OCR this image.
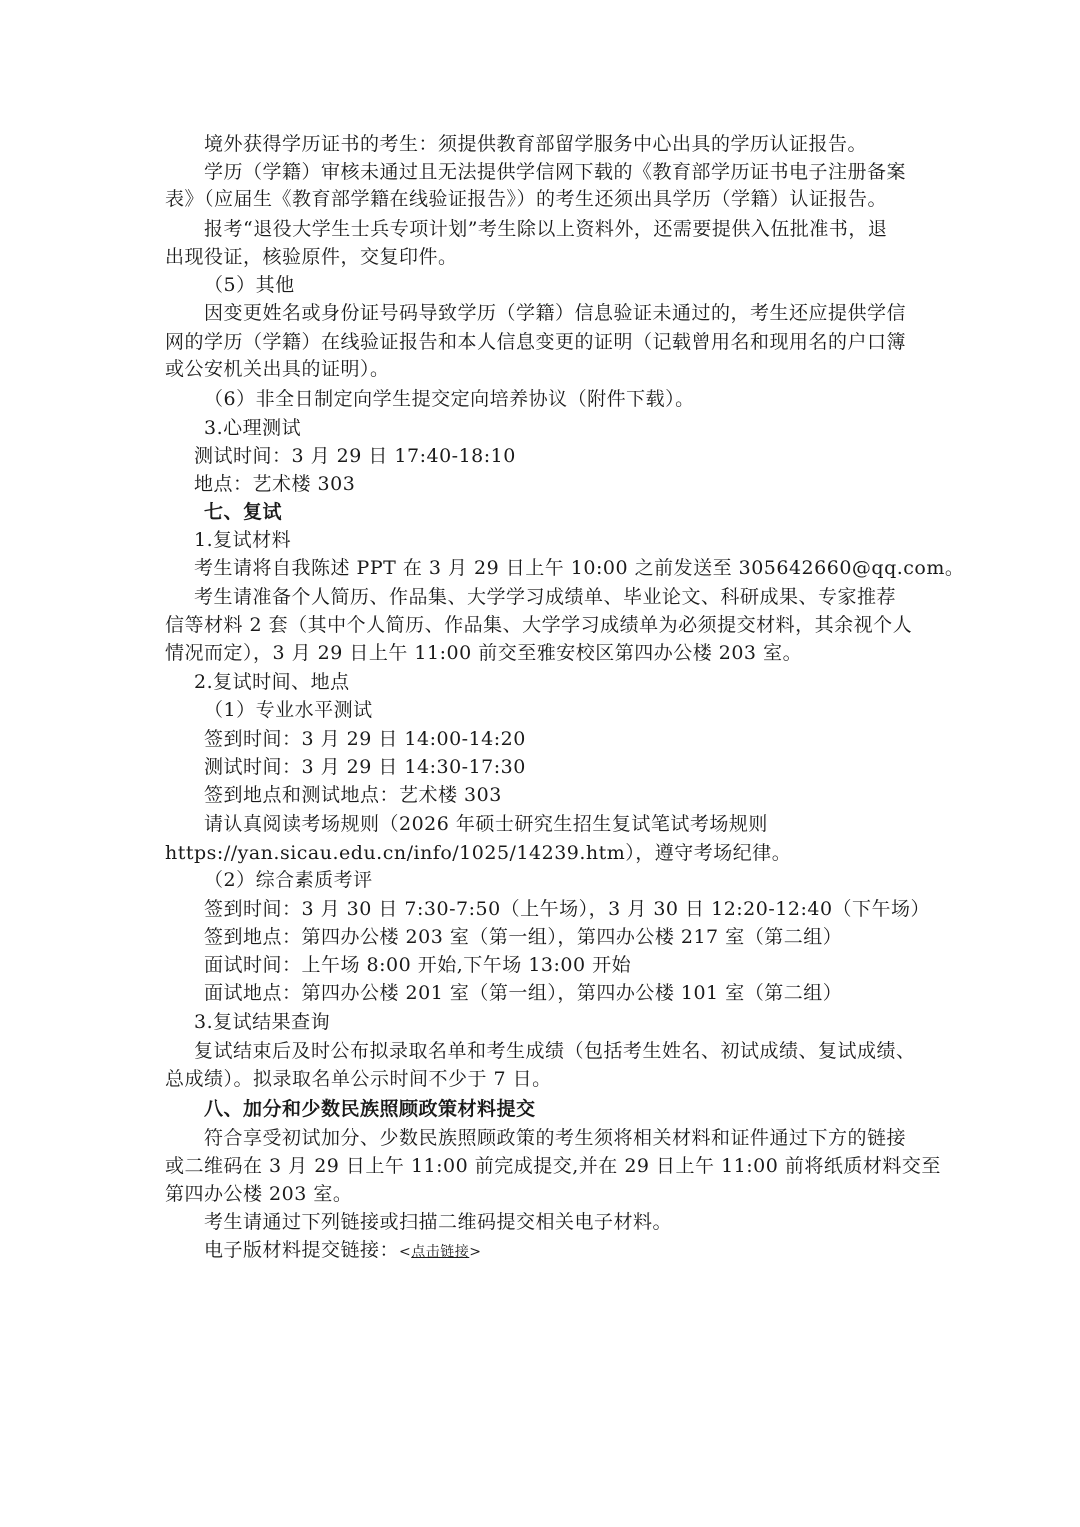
境外获得学历证书的考生：须提供教育部留学服务中心出具的学历认证报告。
学历（学籍）审核未通过且无法提供学信网下载的《教育部学历证书电子注册备案
表》（应届生《教育部学籍在线验证报告》）的考生还须出具学历（学籍）认证报告。
报考“退役大学生士兵专项计划”考生除以上资料外，还需要提供入伍批准书，退
出现役证，核验原件，交复印件。
（5）其他
因变更姓名或身份证号码导致学历（学籍）信息验证未通过的，考生还应提供学信
网的学历（学籍）在线验证报告和本人信息变更的证明（记载曾用名和现用名的户口簿
或公安机关出具的证明）。
（6）非全日制定向学生提交定向培养协议（附件下载）。
3.心理测试
测试时间：3 月 29 日 17:40-18:10
地点：艺术楼 303
七、复试
1.复试材料
考生请将自我陈述 PPT 在 3 月 29 日上午 10:00 之前发送至 305642660@qq.com。
考生请准备个人简历、作品集、大学学习成绩单、毕业论文、科研成果、专家推荐
信等材料 2 套（其中个人简历、作品集、大学学习成绩单为必须提交材料，其余视个人
情况而定），3 月 29 日上午 11:00 前交至雅安校区第四办公楼 203 室。
2.复试时间、地点
（1）专业水平测试
签到时间：3 月 29 日 14:00-14:20
测试时间：3 月 29 日 14:30-17:30
签到地点和测试地点：艺术楼 303
请认真阅读考场规则（2026 年硕士研究生招生复试笔试考场规则
https://yan.sicau.edu.cn/info/1025/14239.htm），遵守考场纪律。
（2）综合素质考评
签到时间：3 月 30 日 7:30-7:50（上午场），3 月 30 日 12:20-12:40（下午场）
签到地点：第四办公楼 203 室（第一组），第四办公楼 217 室（第二组）
面试时间：上午场 8:00 开始,下午场 13:00 开始
面试地点：第四办公楼 201 室（第一组），第四办公楼 101 室（第二组）
3.复试结果查询
复试结束后及时公布拟录取名单和考生成绩（包括考生姓名、初试成绩、复试成绩、
总成绩）。拟录取名单公示时间不少于 7 日。
八、加分和少数民族照顾政策材料提交
符合享受初试加分、少数民族照顾政策的考生须将相关材料和证件通过下方的链接
或二维码在 3 月 29 日上午 11:00 前完成提交,并在 29 日上午 11:00 前将纸质材料交至
第四办公楼 203 室。
考生请通过下列链接或扫描二维码提交相关电子材料。
电子版材料提交链接：<点击链接>
